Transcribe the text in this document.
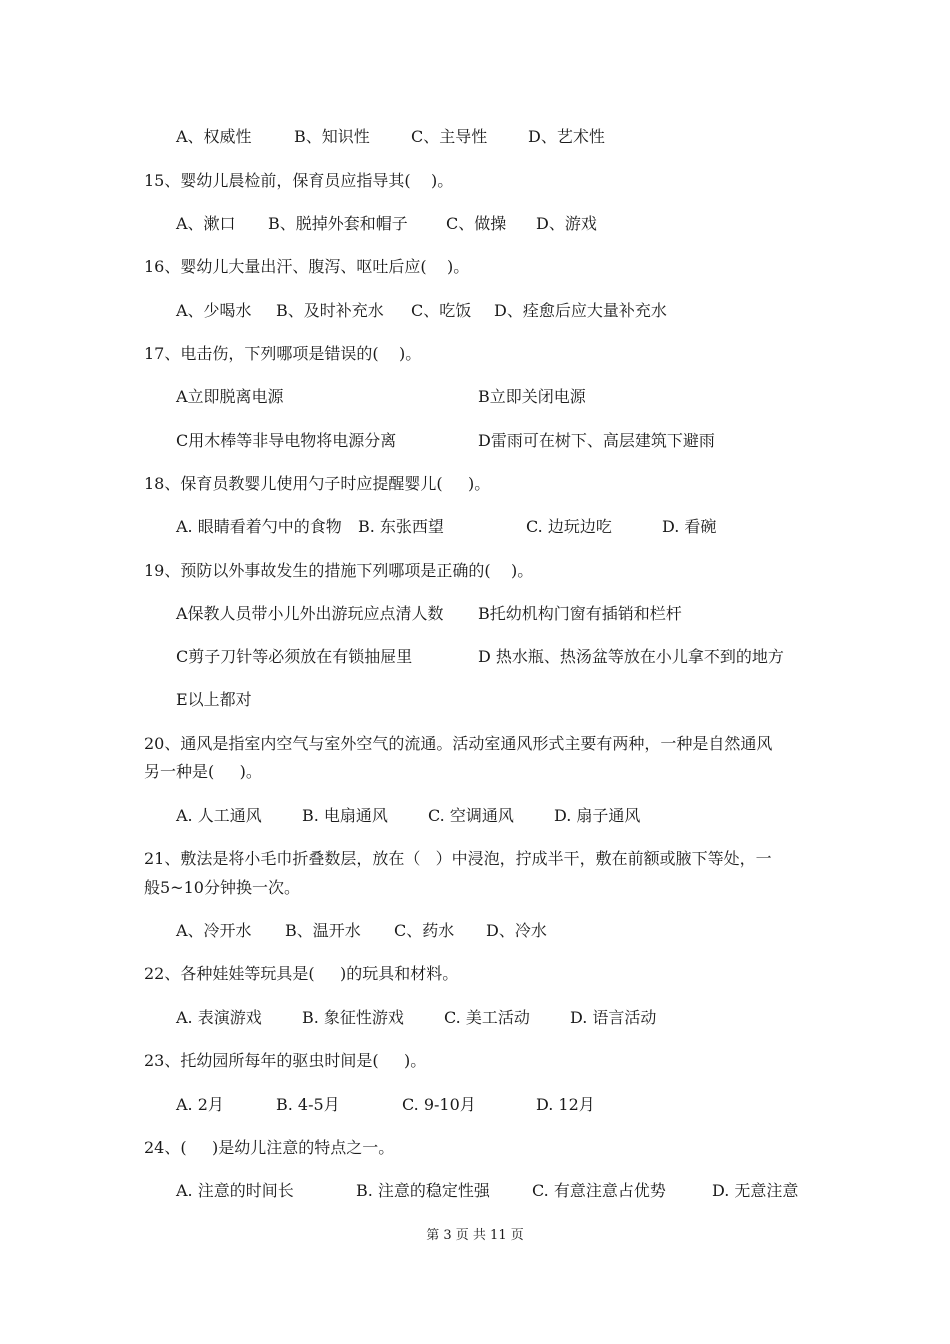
A、权威性	B、知识性	C、主导性	D、艺术性
15、婴幼儿晨检前，保育员应指导其(    )。
A、漱口 B、脱掉外套和帽子 C、做操 D、游戏
16、婴幼儿大量出汗、腹泻、呕吐后应(    )。
A、少喝水 B、及时补充水 C、吃饭 D、痊愈后应大量补充水
17、电击伤，下列哪项是错误的(    )。
A立即脱离电源	B立即关闭电源
C用木棒等非导电物将电源分离	D雷雨可在树下、高层建筑下避雨
18、保育员教婴儿使用勺子时应提醒婴儿(     )。
A. 眼睛看着勺中的食物 B. 东张西望	C. 边玩边吃	D. 看碗
19、预防以外事故发生的措施下列哪项是正确的(    )。
A保教人员带小儿外出游玩应点清人数 B托幼机构门窗有插销和栏杆
C剪子刀针等必须放在有锁抽屉里	D 热水瓶、热汤盆等放在小儿拿不到的地方
E以上都对
20、通风是指室内空气与室外空气的流通。活动室通风形式主要有两种，一种是自然通风
另一种是(     )。
A. 人工通风	B. 电扇通风	C. 空调通风	D. 扇子通风
21、敷法是将小毛巾折叠数层，放在（   ）中浸泡，拧成半干，敷在前额或腋下等处，一
般5~10分钟换一次。
A、冷开水 B、温开水 C、药水 D、冷水
22、各种娃娃等玩具是(     )的玩具和材料。
A. 表演游戏	B. 象征性游戏	C. 美工活动	D. 语言活动
23、托幼园所每年的驱虫时间是(     )。
A. 2月	B. 4-5月	C. 9-10月	D. 12月
24、(     )是幼儿注意的特点之一。
A. 注意的时间长	B. 注意的稳定性强	C. 有意注意占优势	D. 无意注意
第 3 页 共 11 页
